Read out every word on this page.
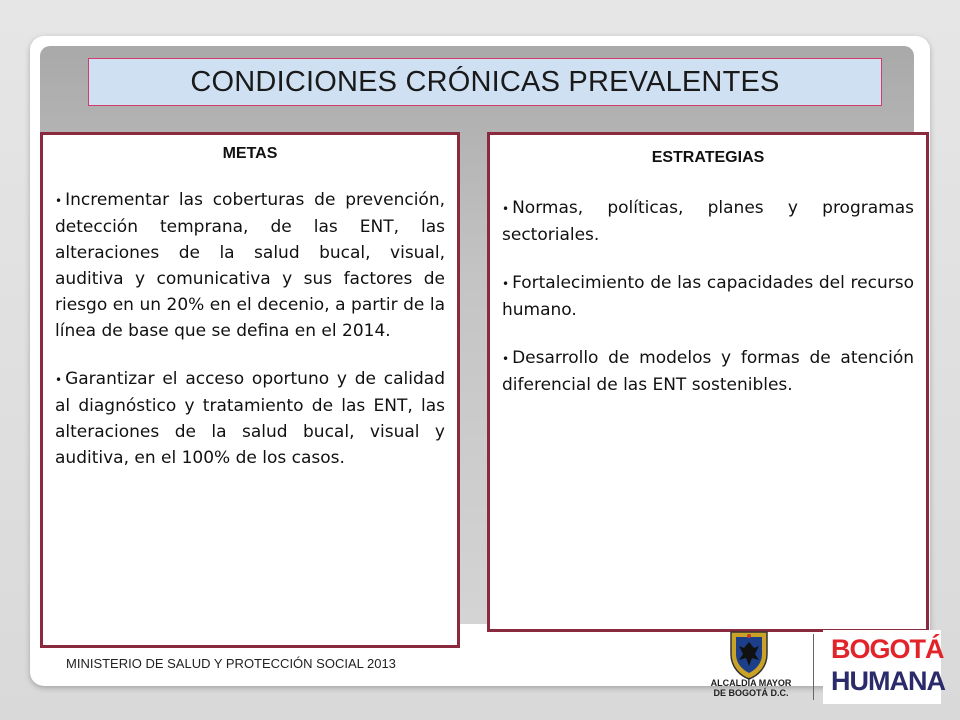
CONDICIONES CRÓNICAS PREVALENTES
METAS
• Incrementar las coberturas de prevención, detección temprana, de las ENT, las alteraciones de la salud bucal, visual, auditiva y comunicativa y sus factores de riesgo en un 20% en el decenio, a partir de la línea de base que se defina en el 2014.
• Garantizar el acceso oportuno y de calidad al diagnóstico y tratamiento de las ENT, las alteraciones de la salud bucal, visual y auditiva, en el 100% de los casos.
ESTRATEGIAS
• Normas, políticas, planes y programas sectoriales.
• Fortalecimiento de las capacidades del recurso humano.
• Desarrollo de modelos y formas de atención diferencial de las ENT sostenibles.
MINISTERIO DE SALUD Y PROTECCIÓN SOCIAL 2013
ALCALDÍA MAYOR
DE BOGOTÁ D.C.
BOGOTÁ
HUMANA
